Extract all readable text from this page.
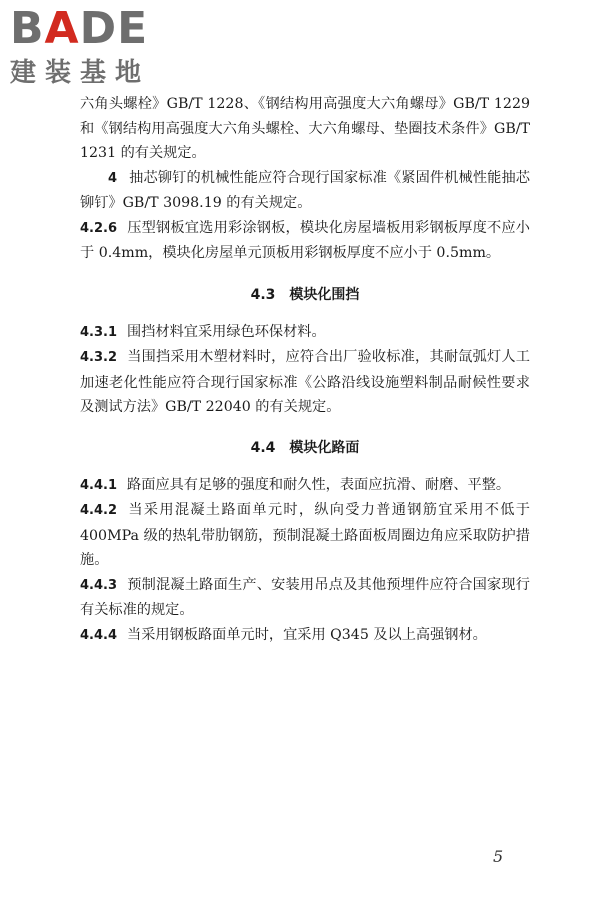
BADE
建装基地

六角头螺栓》GB/T 1228、《钢结构用高强度大六角螺母》GB/T 1229 和《钢结构用高强度大六角头螺栓、大六角螺母、垫圈技术条件》GB/T 1231 的有关规定。

4 抽芯铆钉的机械性能应符合现行国家标准《紧固件机械性能抽芯铆钉》GB/T 3098.19 的有关规定。

4.2.6 压型钢板宜选用彩涂钢板，模块化房屋墙板用彩钢板厚度不应小于 0.4mm，模块化房屋单元顶板用彩钢板厚度不应小于 0.5mm。

4.3 模块化围挡

4.3.1 围挡材料宜采用绿色环保材料。

4.3.2 当围挡采用木塑材料时，应符合出厂验收标准，其耐氙弧灯人工加速老化性能应符合现行国家标准《公路沿线设施塑料制品耐候性要求及测试方法》GB/T 22040 的有关规定。

4.4 模块化路面

4.4.1 路面应具有足够的强度和耐久性，表面应抗滑、耐磨、平整。

4.4.2 当采用混凝土路面单元时，纵向受力普通钢筋宜采用不低于 400MPa 级的热轧带肋钢筋，预制混凝土路面板周圈边角应采取防护措施。

4.4.3 预制混凝土路面生产、安装用吊点及其他预埋件应符合国家现行有关标准的规定。

4.4.4 当采用钢板路面单元时，宜采用 Q345 及以上高强钢材。

5
